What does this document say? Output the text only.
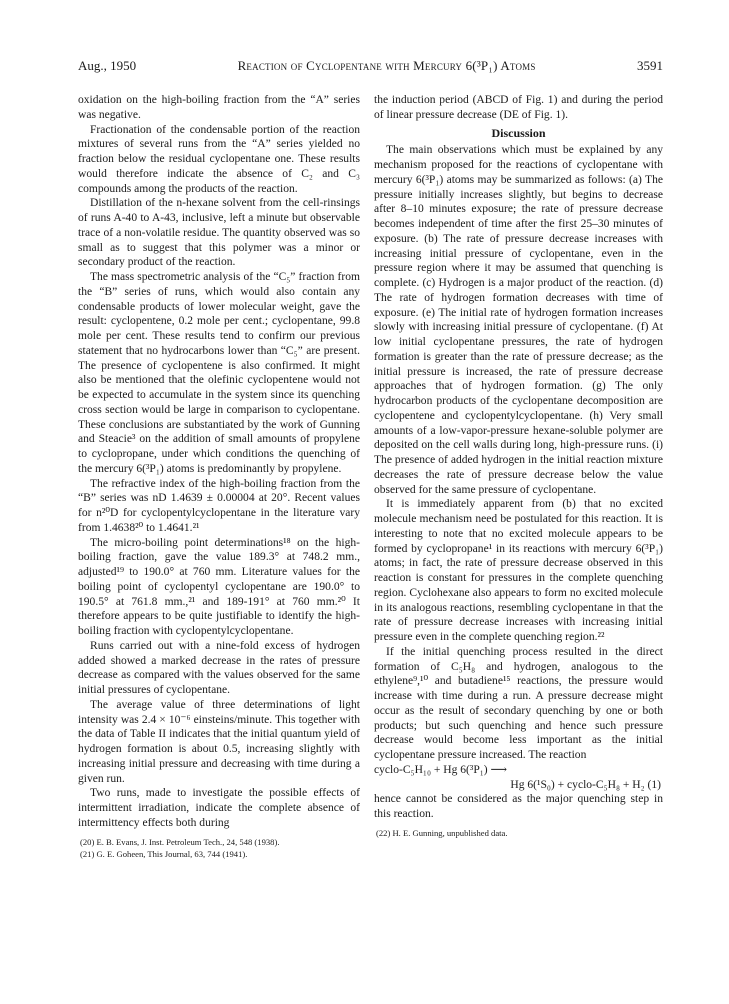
Aug., 1950	Reaction of Cyclopentane with Mercury 6(³P₁) Atoms	3591

oxidation on the high-boiling fraction from the “A” series was negative.

Fractionation of the condensable portion of the reaction mixtures of several runs from the “A” series yielded no fraction below the residual cyclopentane one. These results would therefore indicate the absence of C₂ and C₃ compounds among the products of the reaction.

Distillation of the n-hexane solvent from the cell-rinsings of runs A-40 to A-43, inclusive, left a minute but observable trace of a non-volatile residue. The quantity observed was so small as to suggest that this polymer was a minor or secondary product of the reaction.

The mass spectrometric analysis of the “C₅” fraction from the “B” series of runs, which would also contain any condensable products of lower molecular weight, gave the result: cyclopentene, 0.2 mole per cent.; cyclopentane, 99.8 mole per cent. These results tend to confirm our previous statement that no hydrocarbons lower than “C₅” are present. The presence of cyclopentene is also confirmed. It might also be mentioned that the olefinic cyclopentene would not be expected to accumulate in the system since its quenching cross section would be large in comparison to cyclopentane. These conclusions are substantiated by the work of Gunning and Steacie³ on the addition of small amounts of propylene to cyclopropane, under which conditions the quenching of the mercury 6(³P₁) atoms is predominantly by propylene.

The refractive index of the high-boiling fraction from the “B” series was nD 1.4639 ± 0.00004 at 20°. Recent values for n²⁰D for cyclopentylcyclopentane in the literature vary from 1.4638²⁰ to 1.4641.²¹

The micro-boiling point determinations¹⁸ on the high-boiling fraction, gave the value 189.3° at 748.2 mm., adjusted¹⁹ to 190.0° at 760 mm. Literature values for the boiling point of cyclopentyl cyclopentane are 190.0° to 190.5° at 761.8 mm.,²¹ and 189-191° at 760 mm.²⁰ It therefore appears to be quite justifiable to identify the high-boiling fraction with cyclopentylcyclopentane.

Runs carried out with a nine-fold excess of hydrogen added showed a marked decrease in the rates of pressure decrease as compared with the values observed for the same initial pressures of cyclopentane.

The average value of three determinations of light intensity was 2.4 × 10⁻⁶ einsteins/minute. This together with the data of Table II indicates that the initial quantum yield of hydrogen formation is about 0.5, increasing slightly with increasing initial pressure and decreasing with time during a given run.

Two runs, made to investigate the possible effects of intermittent irradiation, indicate the complete absence of intermittency effects both during

(20) E. B. Evans, J. Inst. Petroleum Tech., 24, 548 (1938).
(21) G. E. Goheen, This Journal, 63, 744 (1941).

the induction period (ABCD of Fig. 1) and during the period of linear pressure decrease (DE of Fig. 1).

Discussion

The main observations which must be explained by any mechanism proposed for the reactions of cyclopentane with mercury 6(³P₁) atoms may be summarized as follows: (a) The pressure initially increases slightly, but begins to decrease after 8–10 minutes exposure; the rate of pressure decrease becomes independent of time after the first 25–30 minutes of exposure. (b) The rate of pressure decrease increases with increasing initial pressure of cyclopentane, even in the pressure region where it may be assumed that quenching is complete. (c) Hydrogen is a major product of the reaction. (d) The rate of hydrogen formation decreases with time of exposure. (e) The initial rate of hydrogen formation increases slowly with increasing initial pressure of cyclopentane. (f) At low initial cyclopentane pressures, the rate of hydrogen formation is greater than the rate of pressure decrease; as the initial pressure is increased, the rate of pressure decrease approaches that of hydrogen formation. (g) The only hydrocarbon products of the cyclopentane decomposition are cyclopentene and cyclopentylcyclopentane. (h) Very small amounts of a low-vapor-pressure hexane-soluble polymer are deposited on the cell walls during long, high-pressure runs. (i) The presence of added hydrogen in the initial reaction mixture decreases the rate of pressure decrease below the value observed for the same pressure of cyclopentane.

It is immediately apparent from (b) that no excited molecule mechanism need be postulated for this reaction. It is interesting to note that no excited molecule appears to be formed by cyclopropane¹ in its reactions with mercury 6(³P₁) atoms; in fact, the rate of pressure decrease observed in this reaction is constant for pressures in the complete quenching region. Cyclohexane also appears to form no excited molecule in its analogous reactions, resembling cyclopentane in that the rate of pressure decrease increases with increasing initial pressure even in the complete quenching region.²²

If the initial quenching process resulted in the direct formation of C₅H₈ and hydrogen, analogous to the ethylene⁹,¹⁰ and butadiene¹⁵ reactions, the pressure would increase with time during a run. A pressure decrease might occur as the result of secondary quenching by one or both products; but such quenching and hence such pressure decrease would become less important as the initial cyclopentane pressure increased. The reaction

cyclo-C₅H₁₀ + Hg 6(³P₁) ⟶
Hg 6(¹S₀) + cyclo-C₅H₈ + H₂ (1)

hence cannot be considered as the major quenching step in this reaction.

(22) H. E. Gunning, unpublished data.
